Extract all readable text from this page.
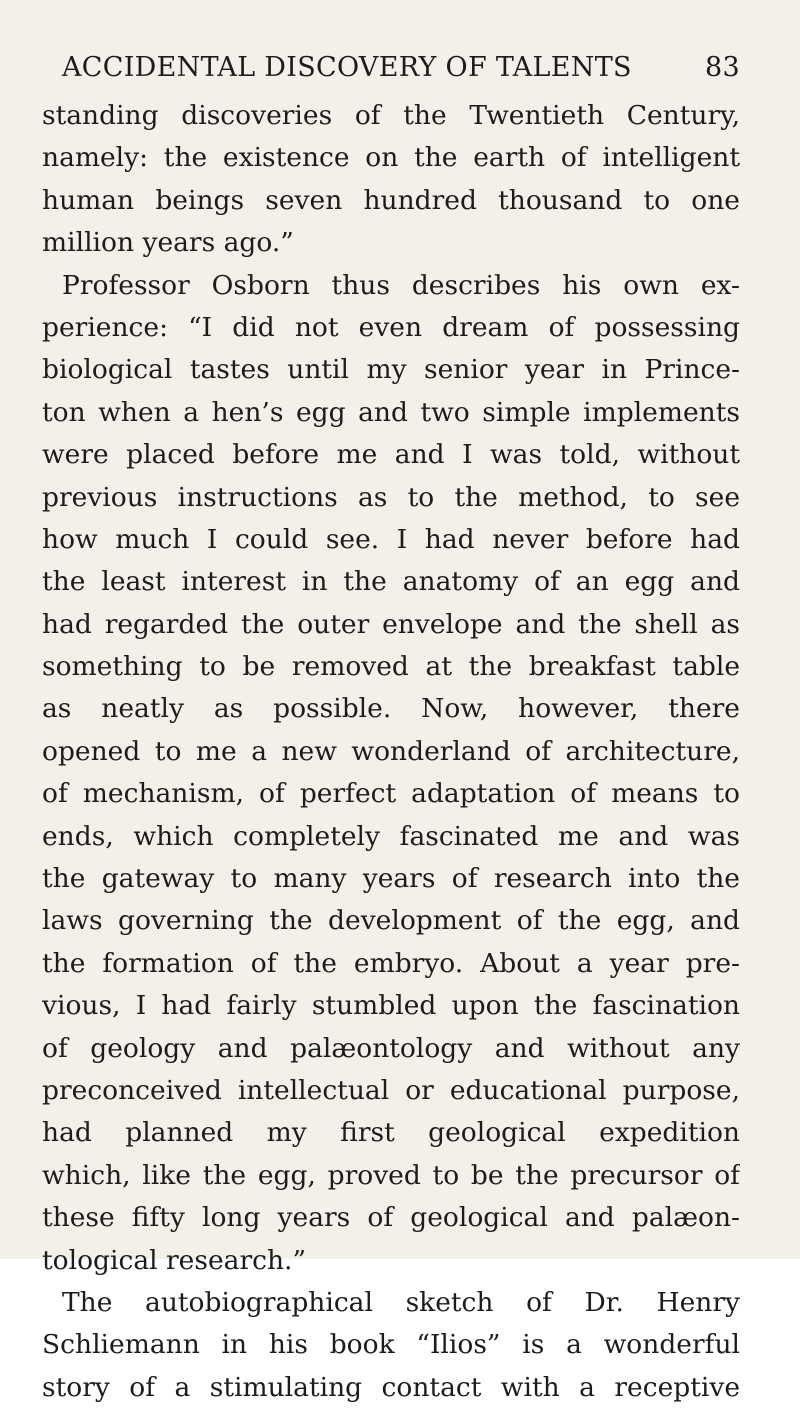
ACCIDENTAL DISCOVERY OF TALENTS	83
standing discoveries of the Twentieth Century,
namely: the existence on the earth of intelligent
human beings seven hundred thousand to one
million years ago.”
Professor Osborn thus describes his own ex-
perience: “I did not even dream of possessing
biological tastes until my senior year in Prince-
ton when a hen’s egg and two simple implements
were placed before me and I was told, without
previous instructions as to the method, to see
how much I could see. I had never before had
the least interest in the anatomy of an egg and
had regarded the outer envelope and the shell as
something to be removed at the breakfast table
as neatly as possible. Now, however, there
opened to me a new wonderland of architecture,
of mechanism, of perfect adaptation of means to
ends, which completely fascinated me and was
the gateway to many years of research into the
laws governing the development of the egg, and
the formation of the embryo. About a year pre-
vious, I had fairly stumbled upon the fascination
of geology and palæontology and without any
preconceived intellectual or educational purpose,
had planned my first geological expedition
which, like the egg, proved to be the precursor of
these fifty long years of geological and palæon-
tological research.”
The autobiographical sketch of Dr. Henry
Schliemann in his book “Ilios” is a wonderful
story of a stimulating contact with a receptive
